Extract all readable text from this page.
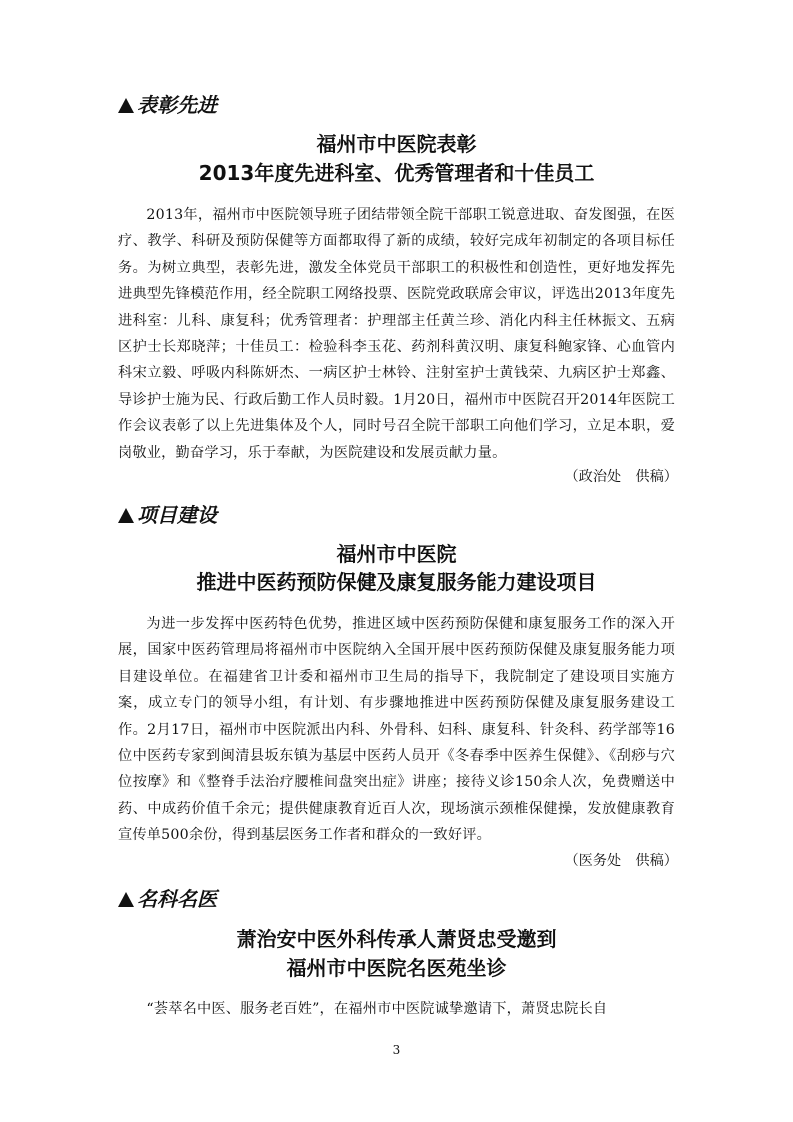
表彰先进
福州市中医院表彰
2013年度先进科室、优秀管理者和十佳员工

2013年，福州市中医院领导班子团结带领全院干部职工锐意进取、奋发图强，在医疗、教学、科研及预防保健等方面都取得了新的成绩，较好完成年初制定的各项目标任务。为树立典型，表彰先进，激发全体党员干部职工的积极性和创造性，更好地发挥先进典型先锋模范作用，经全院职工网络投票、医院党政联席会审议，评选出2013年度先进科室：儿科、康复科；优秀管理者：护理部主任黄兰珍、消化内科主任林振文、五病区护士长郑晓萍；十佳员工：检验科李玉花、药剂科黄汉明、康复科鲍家锋、心血管内科宋立毅、呼吸内科陈妍杰、一病区护士林铃、注射室护士黄钱荣、九病区护士郑鑫、导诊护士施为民、行政后勤工作人员时毅。1月20日，福州市中医院召开2014年医院工作会议表彰了以上先进集体及个人，同时号召全院干部职工向他们学习，立足本职，爱岗敬业，勤奋学习，乐于奉献，为医院建设和发展贡献力量。

（政治处　供稿）
项目建设
福州市中医院
推进中医药预防保健及康复服务能力建设项目

为进一步发挥中医药特色优势，推进区域中医药预防保健和康复服务工作的深入开展，国家中医药管理局将福州市中医院纳入全国开展中医药预防保健及康复服务能力项目建设单位。在福建省卫计委和福州市卫生局的指导下，我院制定了建设项目实施方案，成立专门的领导小组，有计划、有步骤地推进中医药预防保健及康复服务建设工作。2月17日，福州市中医院派出内科、外骨科、妇科、康复科、针灸科、药学部等16位中医药专家到闽清县坂东镇为基层中医药人员开《冬春季中医养生保健》、《刮痧与穴位按摩》和《整脊手法治疗腰椎间盘突出症》讲座；接待义诊150余人次，免费赠送中药、中成药价值千余元；提供健康教育近百人次，现场演示颈椎保健操，发放健康教育宣传单500余份，得到基层医务工作者和群众的一致好评。

（医务处　供稿）
名科名医
萧治安中医外科传承人萧贤忠受邀到
福州市中医院名医苑坐诊

“荟萃名中医、服务老百姓”，在福州市中医院诚挚邀请下，萧贤忠院长自

3
